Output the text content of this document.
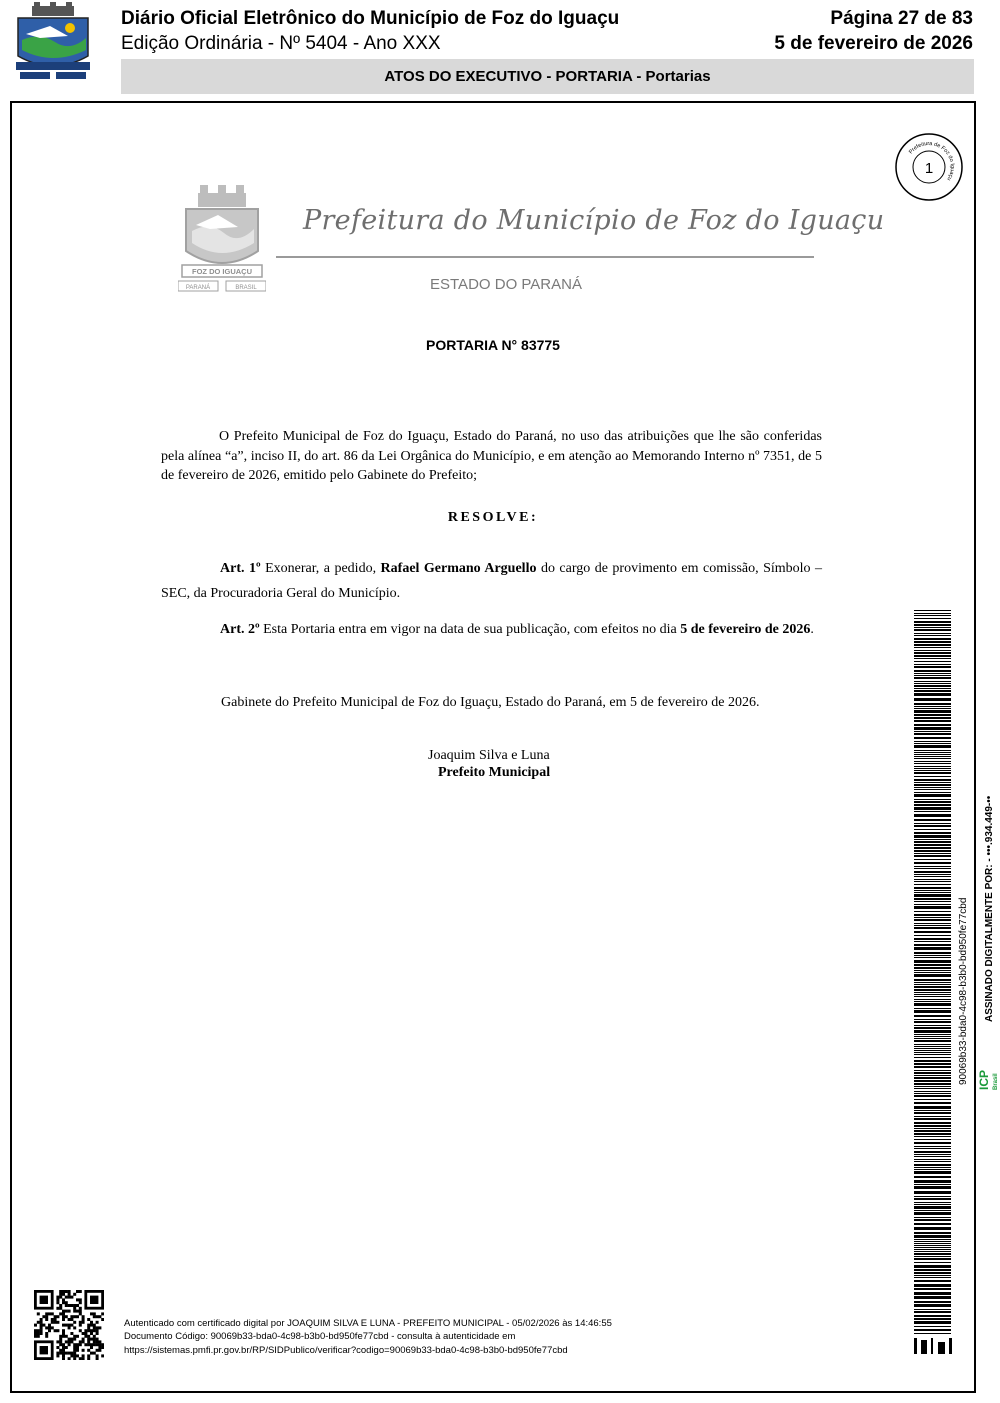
Diário Oficial Eletrônico do Município de Foz do Iguaçu
Edição Ordinária - Nº 5404 - Ano XXX
Página 27 de 83
5 de fevereiro de 2026
ATOS DO EXECUTIVO - PORTARIA - Portarias
FOZ DO IGUAÇU
PARANÁ	BRASIL
Prefeitura do Município de Foz do Iguaçu
ESTADO DO PARANÁ
Prefeitura de Foz do Iguaçu
1
PORTARIA N° 83775

O Prefeito Municipal de Foz do Iguaçu, Estado do Paraná, no uso das atribuições que lhe são conferidas pela alínea “a”, inciso II, do art. 86 da Lei Orgânica do Município, e em atenção ao Memorando Interno nº 7351, de 5 de fevereiro de 2026, emitido pelo Gabinete do Prefeito;

RESOLVE:

Art. 1º Exonerar, a pedido, Rafael Germano Arguello do cargo de provimento em comissão, Símbolo – SEC, da Procuradoria Geral do Município.

Art. 2º Esta Portaria entra em vigor na data de sua publicação, com efeitos no dia 5 de fevereiro de 2026.

Gabinete do Prefeito Municipal de Foz do Iguaçu, Estado do Paraná, em 5 de fevereiro de 2026.
Joaquim Silva e Luna
Prefeito Municipal
90069b33-bda0-4c98-b3b0-bd950fe77cbd ASSINADO DIGITALMENTE POR: - •••.934.449-••
ICP Brasil
Autenticado com certificado digital por JOAQUIM SILVA E LUNA - PREFEITO MUNICIPAL - 05/02/2026 às 14:46:55
Documento Código: 90069b33-bda0-4c98-b3b0-bd950fe77cbd - consulta à autenticidade em
https://sistemas.pmfi.pr.gov.br/RP/SIDPublico/verificar?codigo=90069b33-bda0-4c98-b3b0-bd950fe77cbd
